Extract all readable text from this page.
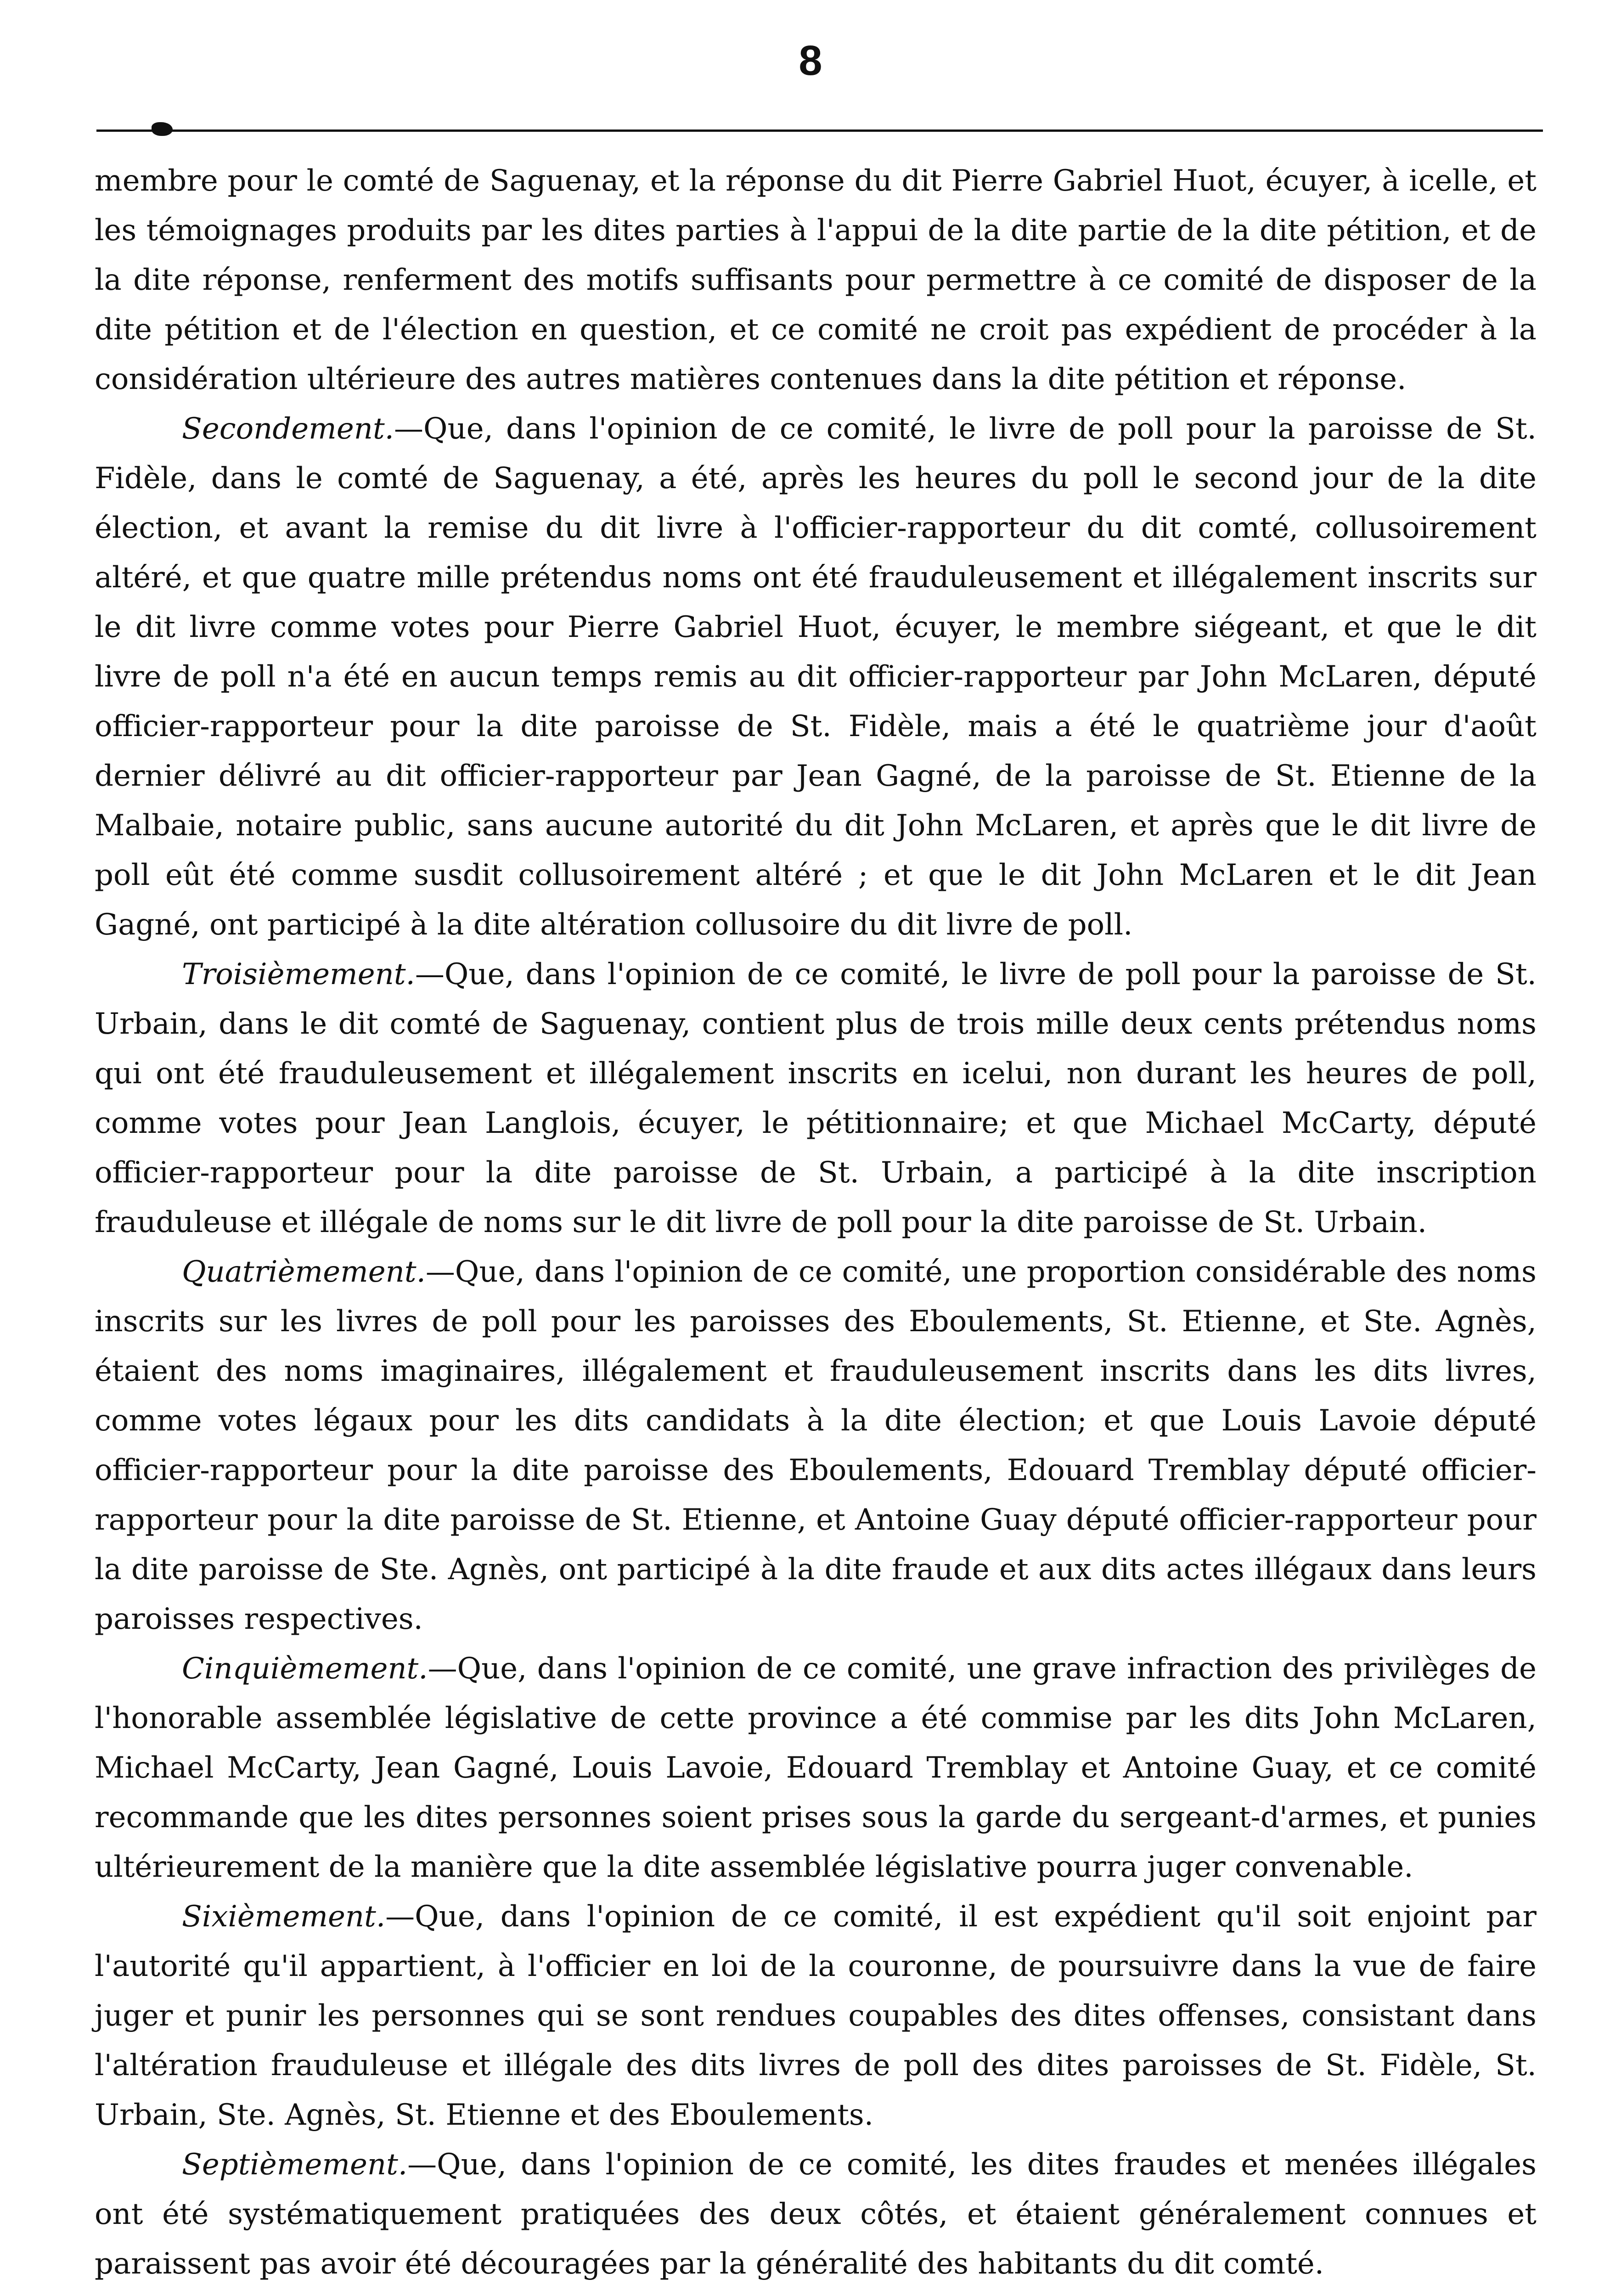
8

membre pour le comté de Saguenay, et la réponse du dit Pierre Gabriel Huot, écuyer, à icelle, et les témoignages produits par les dites parties à l'appui de la dite partie de la dite pétition, et de la dite réponse, renferment des motifs suffisants pour permettre à ce comité de disposer de la dite pétition et de l'élection en question, et ce comité ne croit pas expédient de procéder à la considération ultérieure des autres matières contenues dans la dite pétition et réponse.

Secondement.—Que, dans l'opinion de ce comité, le livre de poll pour la paroisse de St. Fidèle, dans le comté de Saguenay, a été, après les heures du poll le second jour de la dite élection, et avant la remise du dit livre à l'officier-rapporteur du dit comté, collusoirement altéré, et que quatre mille prétendus noms ont été frauduleusement et illégalement inscrits sur le dit livre comme votes pour Pierre Gabriel Huot, écuyer, le membre siégeant, et que le dit livre de poll n'a été en aucun temps remis au dit officier-rapporteur par John McLaren, député officier-rapporteur pour la dite paroisse de St. Fidèle, mais a été le quatrième jour d'août dernier délivré au dit officier-rapporteur par Jean Gagné, de la paroisse de St. Etienne de la Malbaie, notaire public, sans aucune autorité du dit John McLaren, et après que le dit livre de poll eût été comme susdit collusoirement altéré ; et que le dit John McLaren et le dit Jean Gagné, ont participé à la dite altération collusoire du dit livre de poll.

Troisièmement.—Que, dans l'opinion de ce comité, le livre de poll pour la paroisse de St. Urbain, dans le dit comté de Saguenay, contient plus de trois mille deux cents prétendus noms qui ont été frauduleusement et illégalement inscrits en icelui, non durant les heures de poll, comme votes pour Jean Langlois, écuyer, le pétitionnaire; et que Michael McCarty, député officier-rapporteur pour la dite paroisse de St. Urbain, a participé à la dite inscription frauduleuse et illégale de noms sur le dit livre de poll pour la dite paroisse de St. Urbain.

Quatrièmement.—Que, dans l'opinion de ce comité, une proportion considérable des noms inscrits sur les livres de poll pour les paroisses des Eboulements, St. Etienne, et Ste. Agnès, étaient des noms imaginaires, illégalement et frauduleusement inscrits dans les dits livres, comme votes légaux pour les dits candidats à la dite élection; et que Louis Lavoie député officier-rapporteur pour la dite paroisse des Eboulements, Edouard Tremblay député officier-rapporteur pour la dite paroisse de St. Etienne, et Antoine Guay député officier-rapporteur pour la dite paroisse de Ste. Agnès, ont participé à la dite fraude et aux dits actes illégaux dans leurs paroisses respectives.

Cinquièmement.—Que, dans l'opinion de ce comité, une grave infraction des privilèges de l'honorable assemblée législative de cette province a été commise par les dits John McLaren, Michael McCarty, Jean Gagné, Louis Lavoie, Edouard Tremblay et Antoine Guay, et ce comité recommande que les dites personnes soient prises sous la garde du sergeant-d'armes, et punies ultérieurement de la manière que la dite assemblée législative pourra juger convenable.

Sixièmement.—Que, dans l'opinion de ce comité, il est expédient qu'il soit enjoint par l'autorité qu'il appartient, à l'officier en loi de la couronne, de poursuivre dans la vue de faire juger et punir les personnes qui se sont rendues coupables des dites offenses, consistant dans l'altération frauduleuse et illégale des dits livres de poll des dites paroisses de St. Fidèle, St. Urbain, Ste. Agnès, St. Etienne et des Eboulements.

Septièmement.—Que, dans l'opinion de ce comité, les dites fraudes et menées illégales ont été systématiquement pratiquées des deux côtés, et étaient généralement connues et paraissent pas avoir été découragées par la généralité des habitants du dit comté.
